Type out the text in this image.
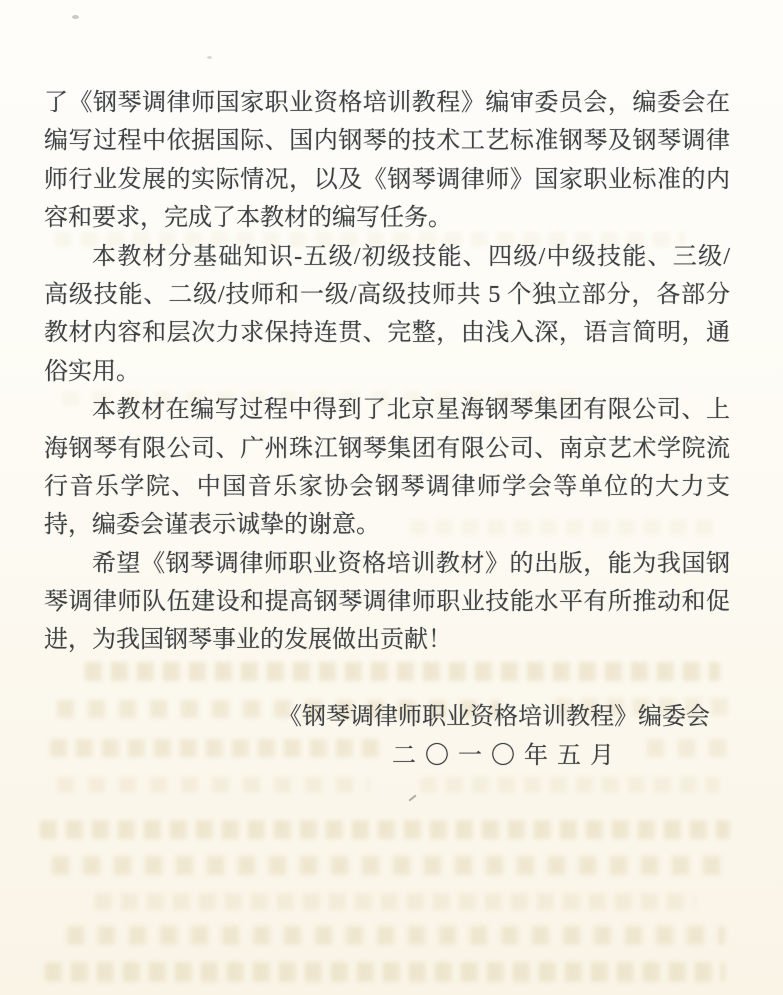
了《钢琴调律师国家职业资格培训教程》编审委员会，编委会在
编写过程中依据国际、国内钢琴的技术工艺标准钢琴及钢琴调律
师行业发展的实际情况，以及《钢琴调律师》国家职业标准的内
容和要求，完成了本教材的编写任务。
本教材分基础知识-五级/初级技能、四级/中级技能、三级/
高级技能、二级/技师和一级/高级技师共 5 个独立部分，各部分
教材内容和层次力求保持连贯、完整，由浅入深，语言简明，通
俗实用。
本教材在编写过程中得到了北京星海钢琴集团有限公司、上
海钢琴有限公司、广州珠江钢琴集团有限公司、南京艺术学院流
行音乐学院、中国音乐家协会钢琴调律师学会等单位的大力支
持，编委会谨表示诚挚的谢意。
希望《钢琴调律师职业资格培训教材》的出版，能为我国钢
琴调律师队伍建设和提高钢琴调律师职业技能水平有所推动和促
进，为我国钢琴事业的发展做出贡献！
《钢琴调律师职业资格培训教程》编委会
二〇一〇年五月
